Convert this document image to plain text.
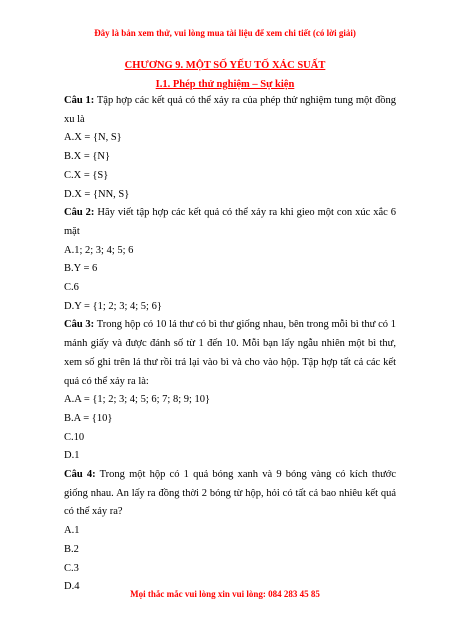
Đây là bản xem thử, vui lòng mua tài liệu để xem chi tiết (có lời giải)
CHƯƠNG 9. MỘT SỐ YẾU TỐ XÁC SUẤT
I.1. Phép thử nghiệm – Sự kiện

Câu 1: Tập hợp các kết quả có thể xảy ra của phép thử nghiệm tung một đồng xu là

A.X = {N, S}

B.X = {N}

C.X = {S}

D.X = {NN, S}

Câu 2: Hãy viết tập hợp các kết quả có thể xảy ra khi gieo một con xúc xắc 6 mặt

A.1; 2; 3; 4; 5; 6

B.Y = 6

C.6

D.Y = {1; 2; 3; 4; 5; 6}

Câu 3: Trong hộp có 10 lá thư có bì thư giống nhau, bên trong mỗi bì thư có 1 mảnh giấy và được đánh số từ 1 đến 10. Mỗi bạn lấy ngẫu nhiên một bì thư, xem số ghi trên lá thư rồi trả lại vào bì và cho vào hộp. Tập hợp tất cả các kết quả có thể xảy ra là:

A.A = {1; 2; 3; 4; 5; 6; 7; 8; 9; 10}

B.A = {10}

C.10

D.1

Câu 4: Trong một hộp có 1 quả bóng xanh và 9 bóng vàng có kích thước giống nhau. An lấy ra đồng thời 2 bóng từ hộp, hỏi có tất cả bao nhiêu kết quả có thể xảy ra?

A.1

B.2

C.3

D.4

Mọi thắc mắc vui lòng xin vui lòng: 084 283 45 85
